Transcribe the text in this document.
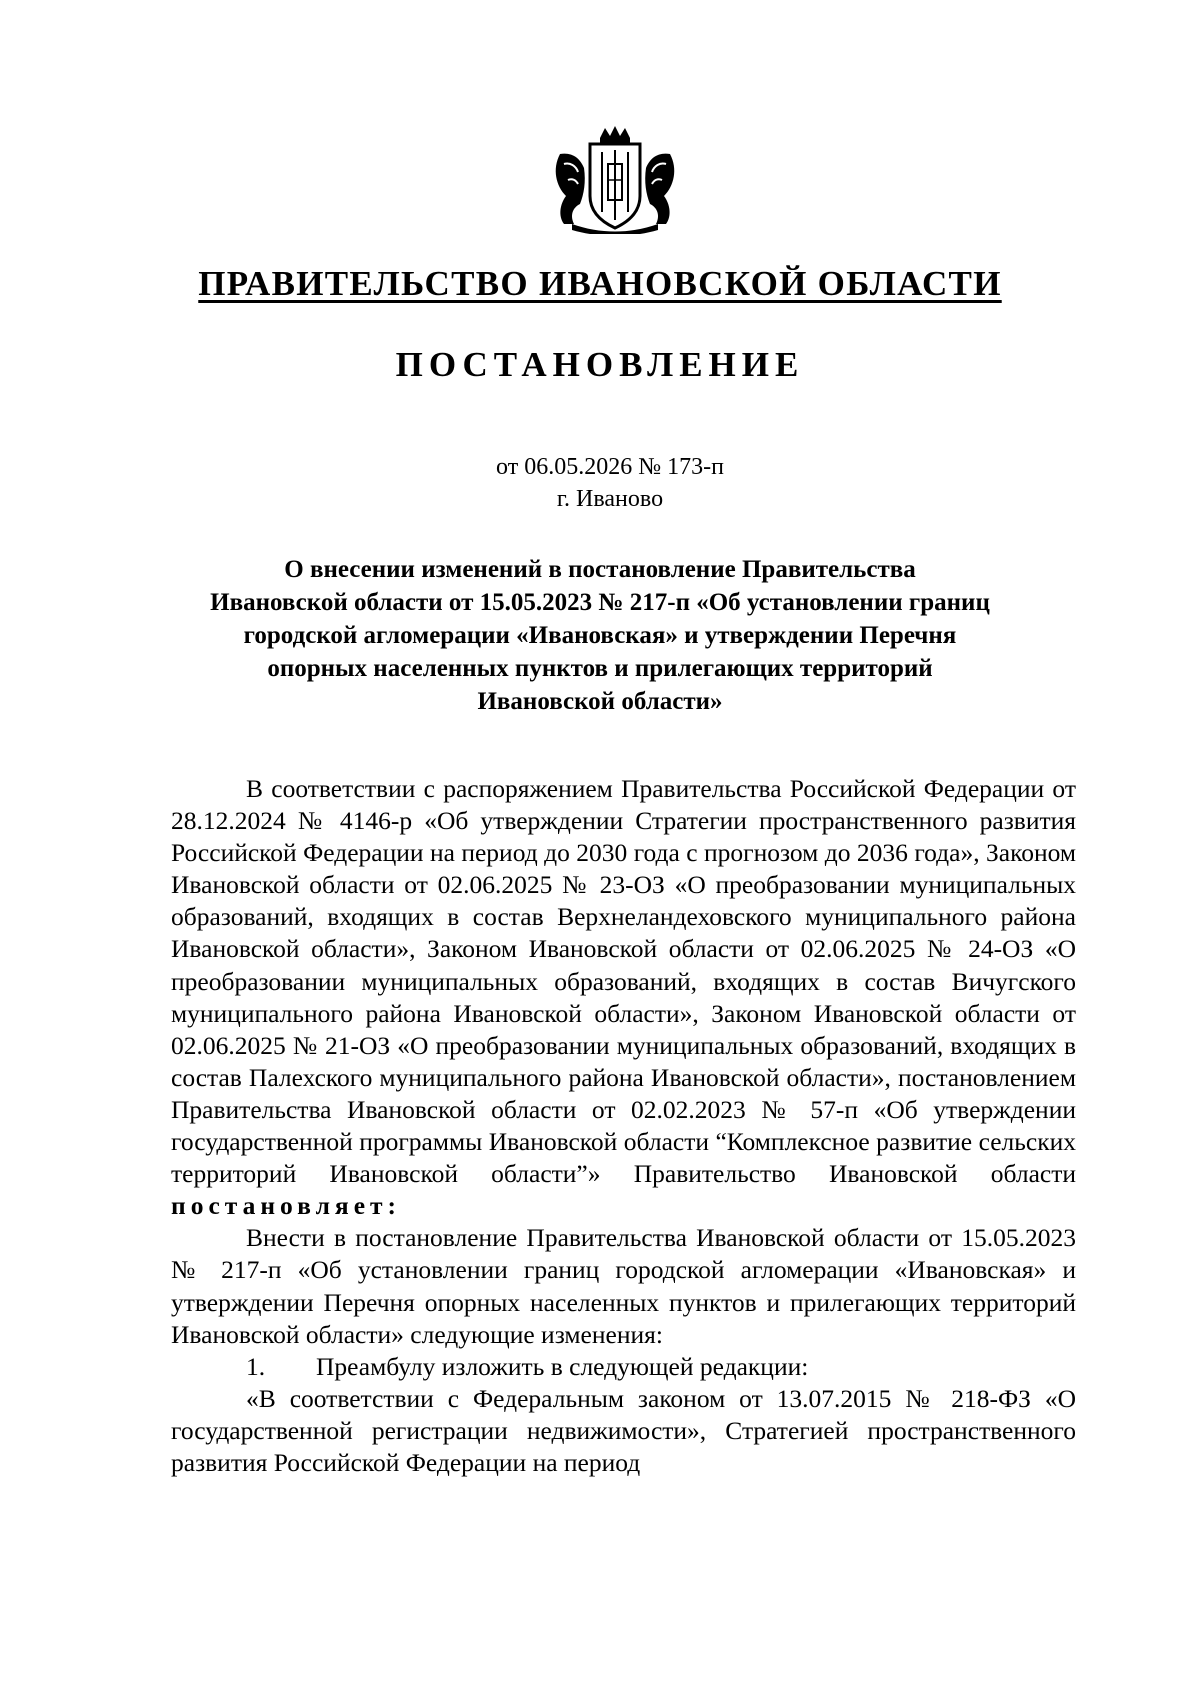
ПРАВИТЕЛЬСТВО ИВАНОВСКОЙ ОБЛАСТИ
ПОСТАНОВЛЕНИЕ
от 06.05.2026 № 173-п
г. Иваново
О внесении изменений в постановление Правительства
Ивановской области от 15.05.2023 № 217-п «Об установлении границ
городской агломерации «Ивановская» и утверждении Перечня
опорных населенных пунктов и прилегающих территорий
Ивановской области»

В соответствии с распоряжением Правительства Российской Федерации от 28.12.2024 № 4146-р «Об утверждении Стратегии пространственного развития Российской Федерации на период до 2030 года с прогнозом до 2036 года», Законом Ивановской области от 02.06.2025 № 23-ОЗ «О преобразовании муниципальных образований, входящих в состав Верхнеландеховского муниципального района Ивановской области», Законом Ивановской области от 02.06.2025 № 24-ОЗ «О преобразовании муниципальных образований, входящих в состав Вичугского муниципального района Ивановской области», Законом Ивановской области от 02.06.2025 № 21-ОЗ «О преобразовании муниципальных образований, входящих в состав Палехского муниципального района Ивановской области», постановлением Правительства Ивановской области от 02.02.2023 № 57-п «Об утверждении государственной программы Ивановской области “Комплексное развитие сельских территорий Ивановской области”» Правительство Ивановской области постановляет:

Внести в постановление Правительства Ивановской области от 15.05.2023 № 217-п «Об установлении границ городской агломерации «Ивановская» и утверждении Перечня опорных населенных пунктов и прилегающих территорий Ивановской области» следующие изменения:

1. Преамбулу изложить в следующей редакции:

«В соответствии с Федеральным законом от 13.07.2015 № 218-ФЗ «О государственной регистрации недвижимости», Стратегией пространственного развития Российской Федерации на период
